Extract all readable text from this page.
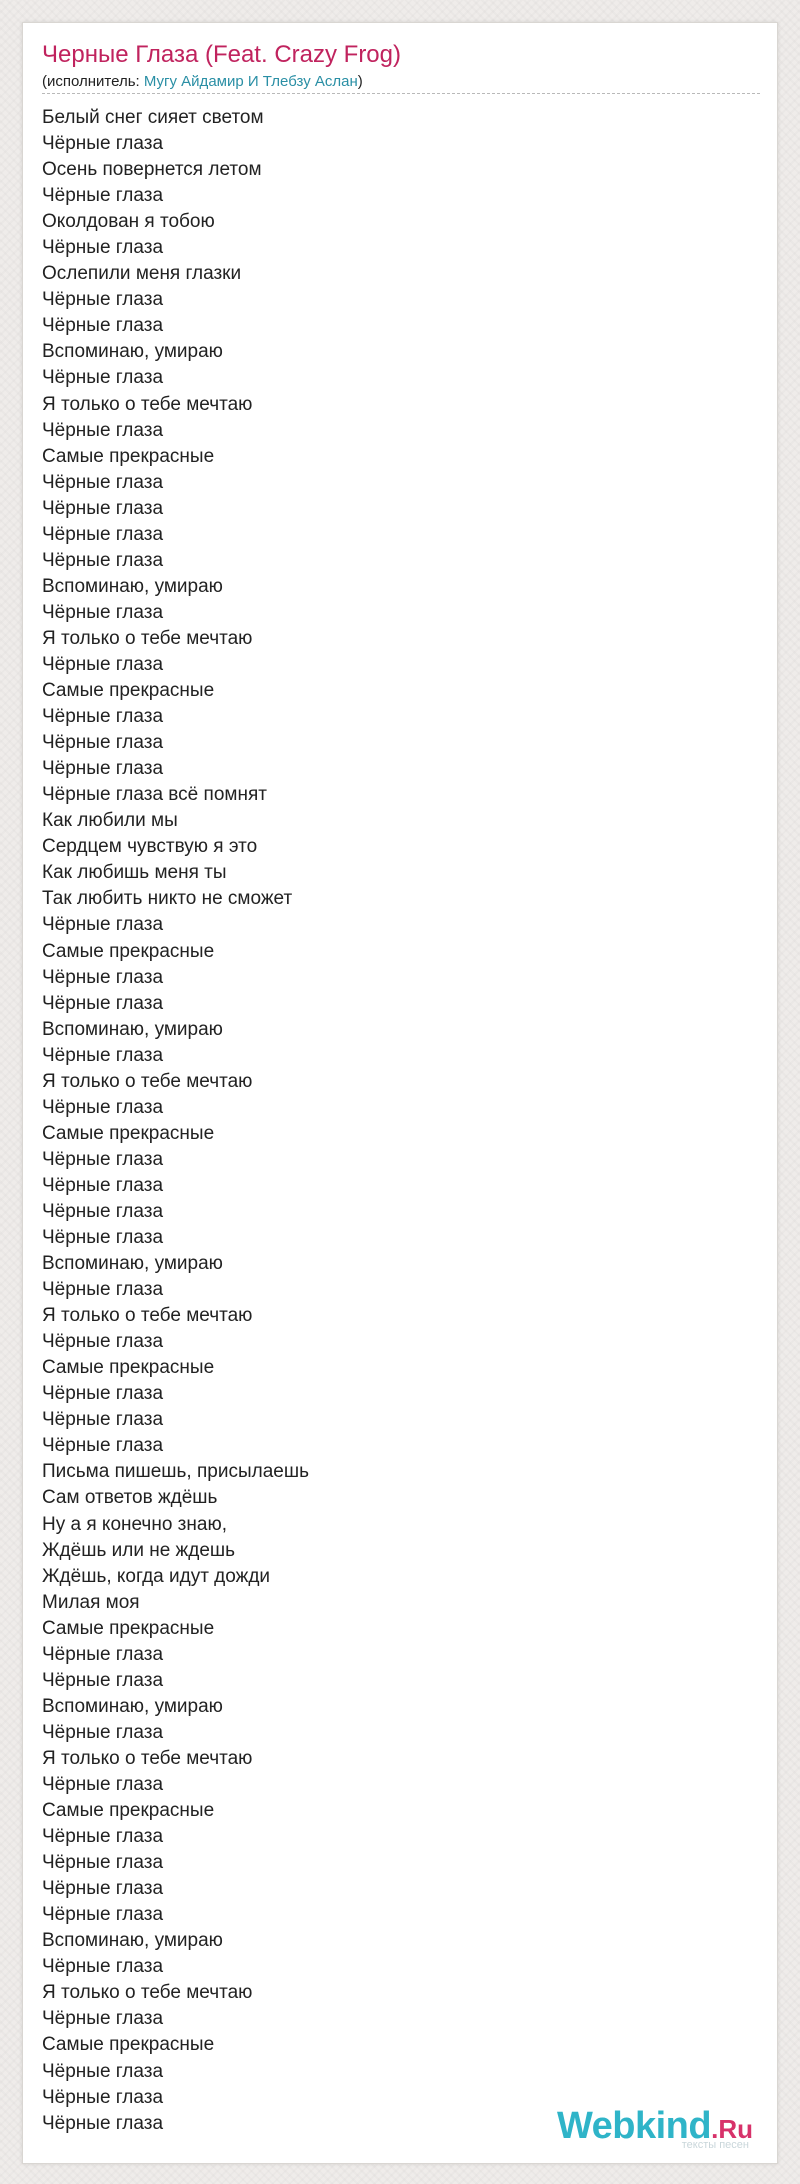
Черные Глаза (Feat. Crazy Frog)
(исполнитель: Мугу Айдамир И Тлебзу Аслан)
Белый снег сияет светом
Чёрные глаза
Осень повернется летом
Чёрные глаза
Околдован я тобою
Чёрные глаза
Ослепили меня глазки
Чёрные глаза
Чёрные глаза
Вспоминаю, умираю
Чёрные глаза
Я только о тебе мечтаю
Чёрные глаза
Самые прекрасные
Чёрные глаза
Чёрные глаза
Чёрные глаза
Чёрные глаза
Вспоминаю, умираю
Чёрные глаза
Я только о тебе мечтаю
Чёрные глаза
Самые прекрасные
Чёрные глаза
Чёрные глаза
Чёрные глаза
Чёрные глаза всё помнят
Как любили мы
Сердцем чувствую я это
Как любишь меня ты
Так любить никто не сможет
Чёрные глаза
Самые прекрасные
Чёрные глаза
Чёрные глаза
Вспоминаю, умираю
Чёрные глаза
Я только о тебе мечтаю
Чёрные глаза
Самые прекрасные
Чёрные глаза
Чёрные глаза
Чёрные глаза
Чёрные глаза
Вспоминаю, умираю
Чёрные глаза
Я только о тебе мечтаю
Чёрные глаза
Самые прекрасные
Чёрные глаза
Чёрные глаза
Чёрные глаза
Письма пишешь, присылаешь
Сам ответов ждёшь
Ну а я конечно знаю,
Ждёшь или не ждешь
Ждёшь, когда идут дожди
Милая моя
Самые прекрасные
Чёрные глаза
Чёрные глаза
Вспоминаю, умираю
Чёрные глаза
Я только о тебе мечтаю
Чёрные глаза
Самые прекрасные
Чёрные глаза
Чёрные глаза
Чёрные глаза
Чёрные глаза
Вспоминаю, умираю
Чёрные глаза
Я только о тебе мечтаю
Чёрные глаза
Самые прекрасные
Чёрные глаза
Чёрные глаза
Чёрные глаза	Webkind.Ru
тексты песен
